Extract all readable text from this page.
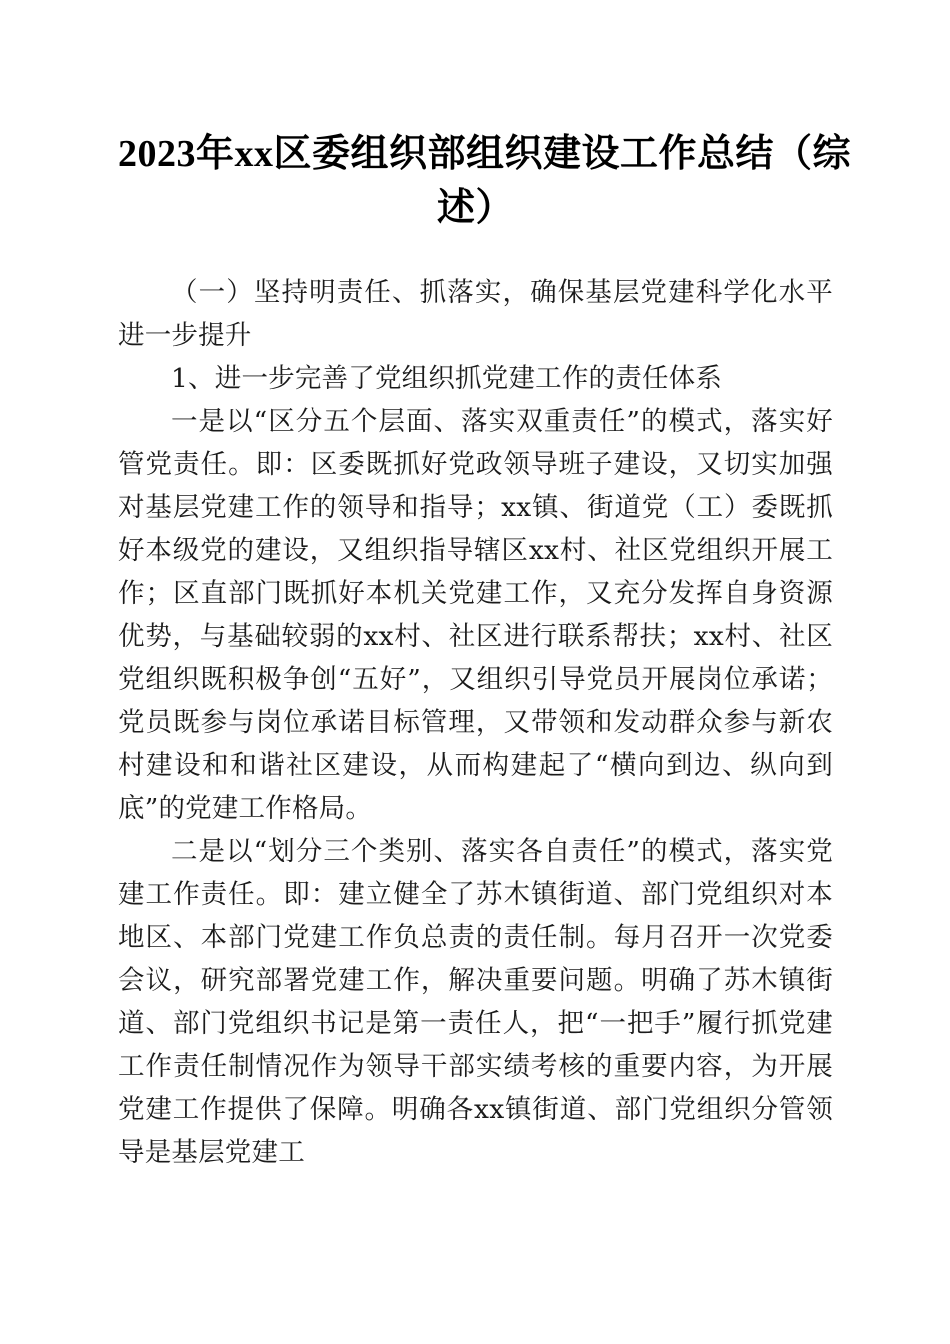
2023年xx区委组织部组织建设工作总结（综
述）

（一）坚持明责任、抓落实，确保基层党建科学化水平进一步提升

1、进一步完善了党组织抓党建工作的责任体系

一是以“区分五个层面、落实双重责任”的模式，落实好管党责任。即：区委既抓好党政领导班子建设，又切实加强对基层党建工作的领导和指导；xx镇、街道党（工）委既抓好本级党的建设，又组织指导辖区xx村、社区党组织开展工作；区直部门既抓好本机关党建工作，又充分发挥自身资源优势，与基础较弱的xx村、社区进行联系帮扶；xx村、社区党组织既积极争创“五好”，又组织引导党员开展岗位承诺；党员既参与岗位承诺目标管理，又带领和发动群众参与新农村建设和和谐社区建设，从而构建起了“横向到边、纵向到底”的党建工作格局。

二是以“划分三个类别、落实各自责任”的模式，落实党建工作责任。即：建立健全了苏木镇街道、部门党组织对本地区、本部门党建工作负总责的责任制。每月召开一次党委会议，研究部署党建工作，解决重要问题。明确了苏木镇街道、部门党组织书记是第一责任人，把“一把手”履行抓党建工作责任制情况作为领导干部实绩考核的重要内容，为开展党建工作提供了保障。明确各xx镇街道、部门党组织分管领导是基层党建工
